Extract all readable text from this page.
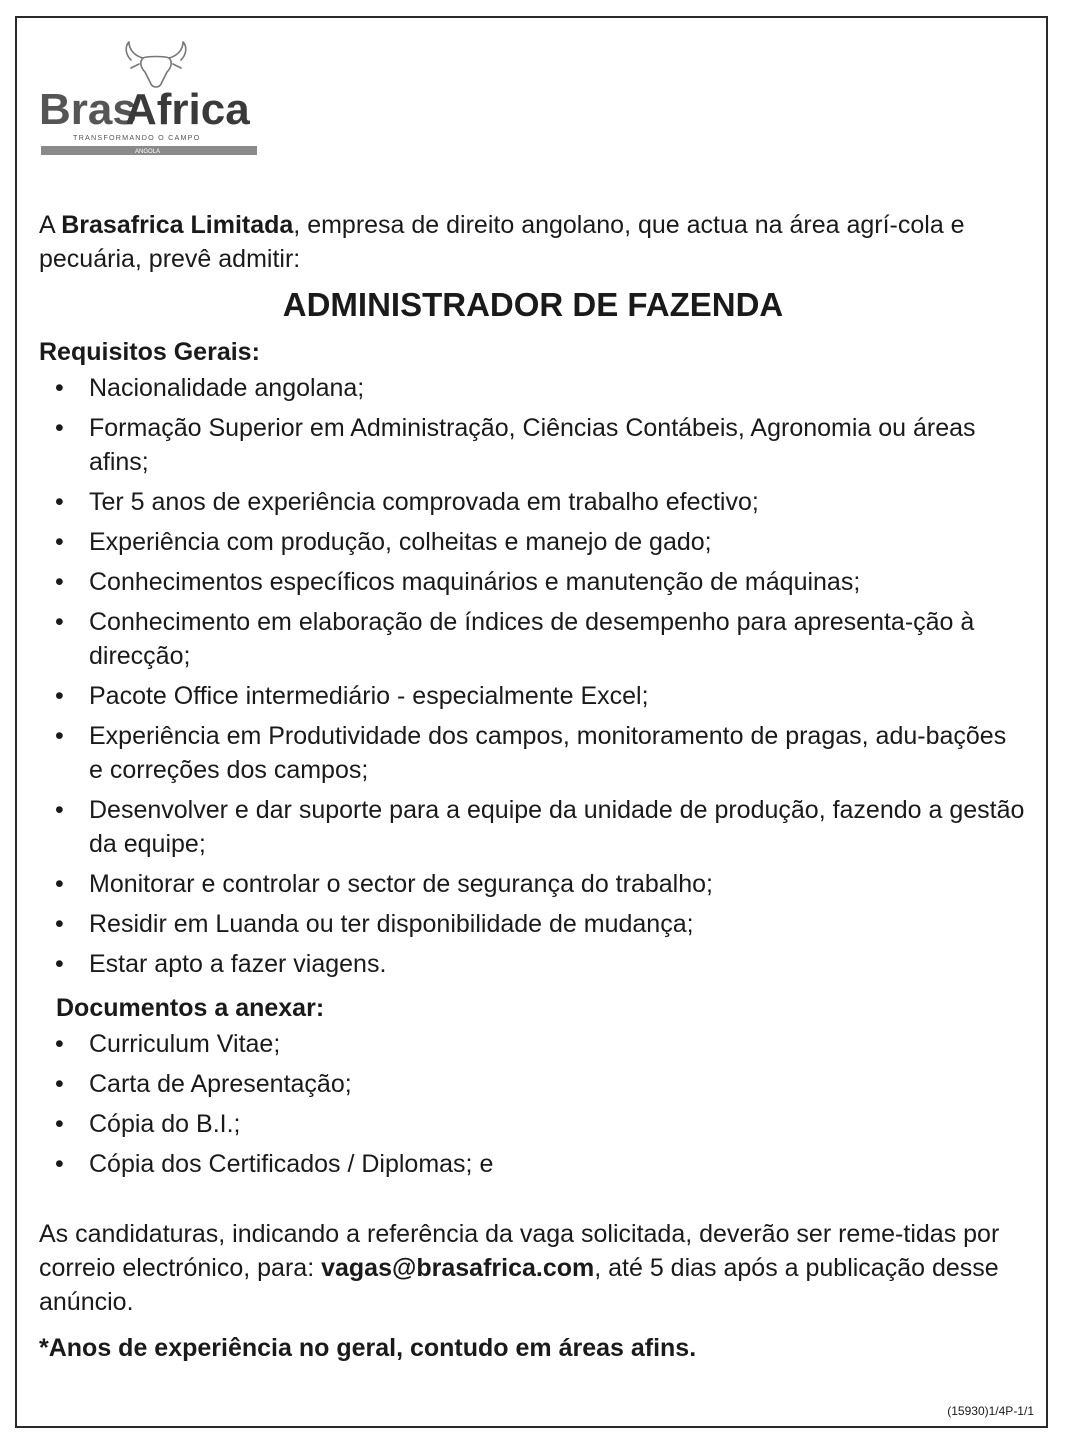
Bras
Africa
TRANSFORMANDO O CAMPO
ANGOLA

A Brasafrica Limitada, empresa de direito angolano, que actua na área agrí-cola e pecuária, prevê admitir:

ADMINISTRADOR DE FAZENDA

Requisitos Gerais:

• Nacionalidade angolana;
• Formação Superior em Administração, Ciências Contábeis, Agronomia ou áreas afins;
• Ter 5 anos de experiência comprovada em trabalho efectivo;
• Experiência com produção, colheitas e manejo de gado;
• Conhecimentos específicos maquinários e manutenção de máquinas;
• Conhecimento em elaboração de índices de desempenho para apresenta-ção à direcção;
• Pacote Office intermediário - especialmente Excel;
• Experiência em Produtividade dos campos, monitoramento de pragas, adu-bações e correções dos campos;
• Desenvolver e dar suporte para a equipe da unidade de produção, fazendo a gestão da equipe;
• Monitorar e controlar o sector de segurança do trabalho;
• Residir em Luanda ou ter disponibilidade de mudança;
• Estar apto a fazer viagens.

Documentos a anexar:

• Curriculum Vitae;
• Carta de Apresentação;
• Cópia do B.I.;
• Cópia dos Certificados / Diplomas; e

As candidaturas, indicando a referência da vaga solicitada, deverão ser reme-tidas por correio electrónico, para: vagas@brasafrica.com, até 5 dias após a publicação desse anúncio.

*Anos de experiência no geral, contudo em áreas afins.
(15930)1/4P-1/1
